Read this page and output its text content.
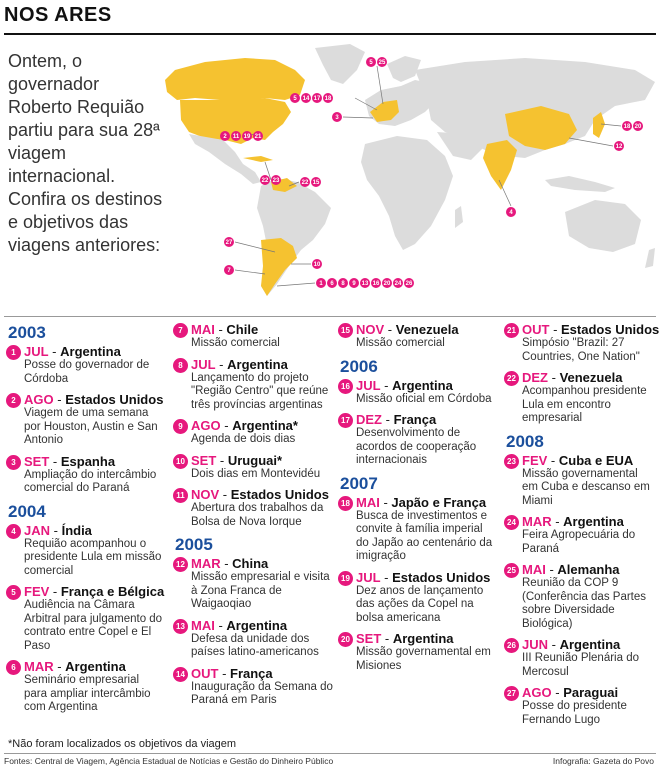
NOS ARES
Ontem, o governador Roberto Requião partiu para sua 28ª viagem internacional. Confira os destinos e objetivos das viagens anteriores:
2 11 19 21
22 23
5 25
5 14 17 18
3
4
18 20
12
22 15
27
7
10
1 6 8 9 13 16 20 24 26
2003
1 JUL - Argentina
Posse do governador de Córdoba
2 AGO - Estados Unidos
Viagem de uma semana por Houston, Austin e San Antonio
3 SET - Espanha
Ampliação do intercâmbio comercial do Paraná
2004
4 JAN - Índia
Requião acompanhou o presidente Lula em missão comercial
5 FEV - França e Bélgica
Audiência na Câmara Arbitral para julgamento do contrato entre Copel e El Paso
6 MAR - Argentina
Seminário empresarial para ampliar intercâmbio com Argentina
7 MAI - Chile
Missão comercial
8 JUL - Argentina
Lançamento do projeto "Região Centro" que reúne três províncias argentinas
9 AGO - Argentina*
Agenda de dois dias
10 SET - Uruguai*
Dois dias em Montevidéu
11 NOV - Estados Unidos
Abertura dos trabalhos da Bolsa de Nova Iorque
2005
12 MAR - China
Missão empresarial e visita à Zona Franca de Waigaoqiao
13 MAI - Argentina
Defesa da unidade dos países latino-americanos
14 OUT - França
Inauguração da Semana do Paraná em Paris
15 NOV - Venezuela
Missão comercial
2006
16 JUL - Argentina
Missão oficial em Córdoba
17 DEZ - França
Desenvolvimento de acordos de cooperação internacionais
2007
18 MAI - Japão e França
Busca de investimentos e convite à família imperial do Japão ao centenário da imigração
19 JUL - Estados Unidos
Dez anos de lançamento das ações da Copel na bolsa americana
20 SET - Argentina
Missão governamental em Misiones
21 OUT - Estados Unidos
Simpósio "Brazil: 27 Countries, One Nation"
22 DEZ - Venezuela
Acompanhou presidente Lula em encontro empresarial
2008
23 FEV - Cuba e EUA
Missão governamental em Cuba e descanso em Miami
24 MAR - Argentina
Feira Agropecuária do Paraná
25 MAI - Alemanha
Reunião da COP 9 (Conferência das Partes sobre Diversidade Biológica)
26 JUN - Argentina
III Reunião Plenária do Mercosul
27 AGO - Paraguai
Posse do presidente Fernando Lugo
*Não foram localizados os objetivos da viagem
Fontes: Central de Viagem, Agência Estadual de Notícias e Gestão do Dinheiro Público	Infografia: Gazeta do Povo
